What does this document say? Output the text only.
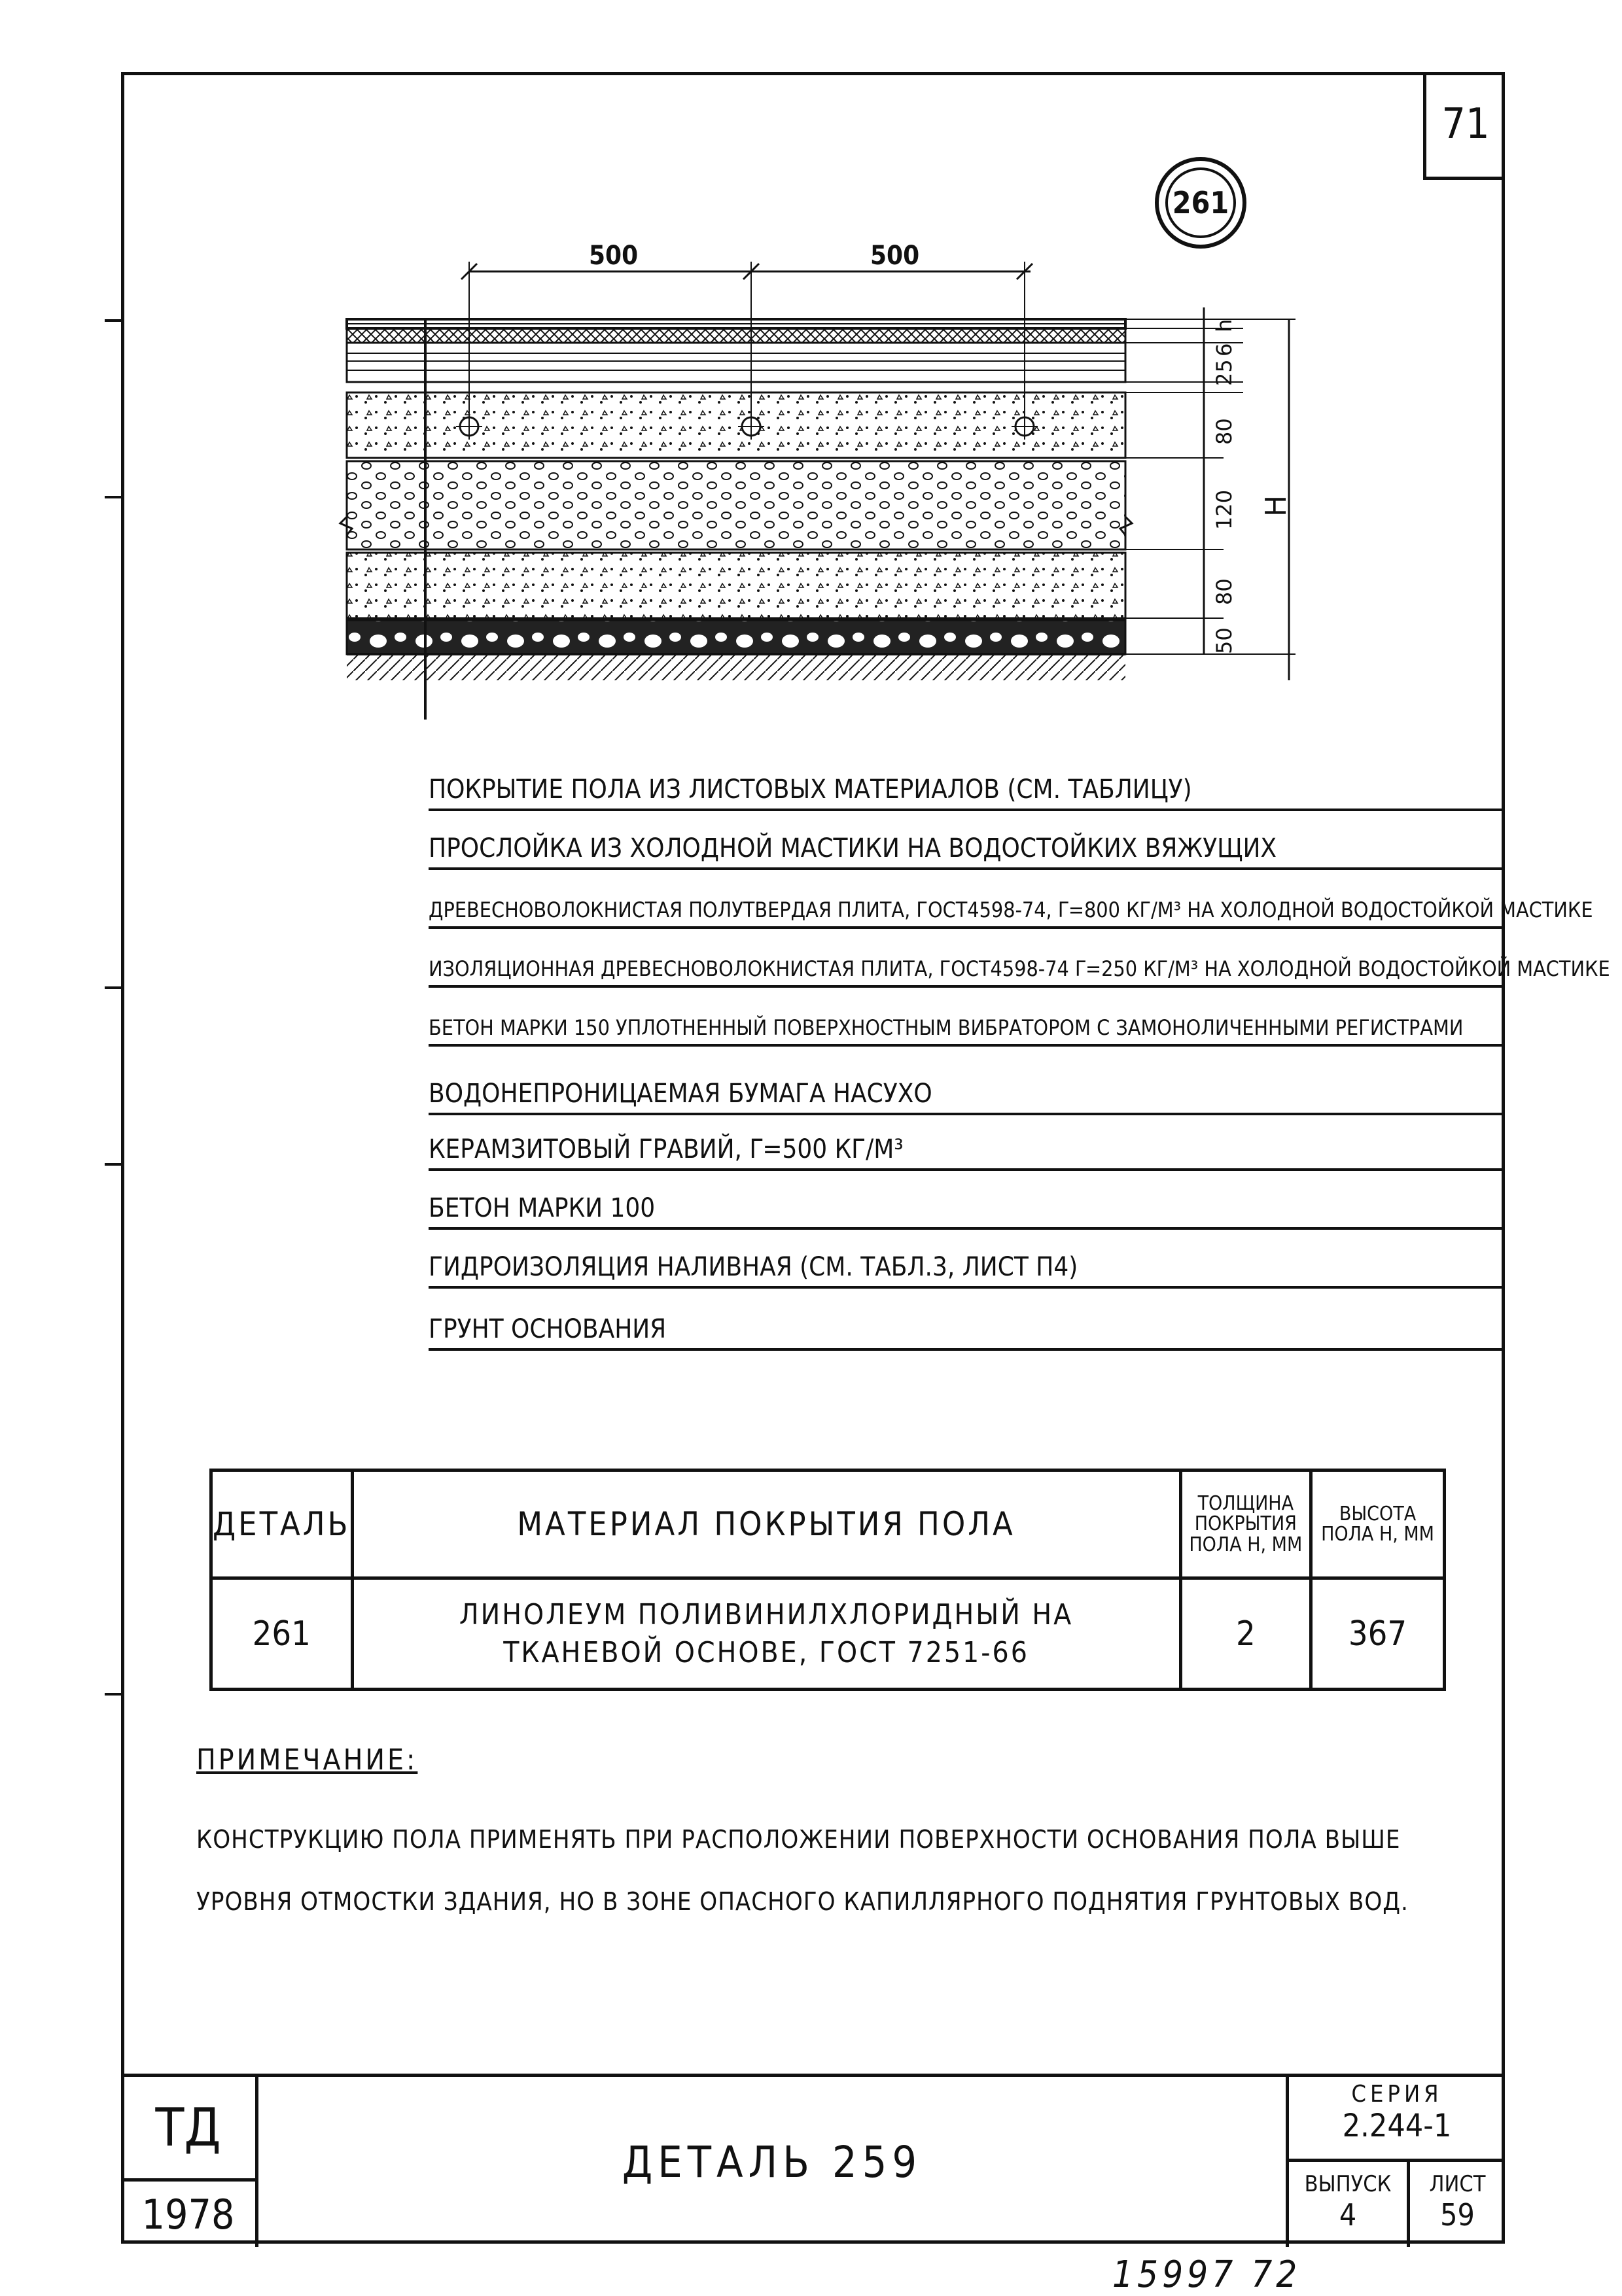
71
261
h
6
25
80
120
80
50
H
500	500
ПОКРЫТИЕ ПОЛА ИЗ ЛИСТОВЫХ МАТЕРИАЛОВ (СМ. ТАБЛИЦУ)
ПРОСЛОЙКА ИЗ ХОЛОДНОЙ МАСТИКИ НА ВОДОСТОЙКИХ ВЯЖУЩИХ
ДРЕВЕСНОВОЛОКНИСТАЯ ПОЛУТВЕРДАЯ ПЛИТА, ГОСТ4598-74, Γ=800 КГ/М³ НА ХОЛОДНОЙ ВОДОСТОЙКОЙ МАСТИКЕ
ИЗОЛЯЦИОННАЯ ДРЕВЕСНОВОЛОКНИСТАЯ ПЛИТА, ГОСТ4598-74 Γ=250 КГ/М³ НА ХОЛОДНОЙ ВОДОСТОЙКОЙ МАСТИКЕ
БЕТОН МАРКИ 150 УПЛОТНЕННЫЙ ПОВЕРХНОСТНЫМ ВИБРАТОРОМ С ЗАМОНОЛИЧЕННЫМИ РЕГИСТРАМИ
ВОДОНЕПРОНИЦАЕМАЯ БУМАГА НАСУХО
КЕРАМЗИТОВЫЙ ГРАВИЙ, Γ=500 КГ/М³
БЕТОН МАРКИ 100
ГИДРОИЗОЛЯЦИЯ НАЛИВНАЯ (СМ. ТАБЛ.3, ЛИСТ П4)
ГРУНТ ОСНОВАНИЯ
ДЕТАЛЬ	МАТЕРИАЛ ПОКРЫТИЯ ПОЛА	ТОЛЩИНА ПОКРЫТИЯ ПОЛА H, ММ	ВЫСОТА ПОЛА H, ММ
261	ЛИНОЛЕУМ ПОЛИВИНИЛХЛОРИДНЫЙ НА
ТКАНЕВОЙ ОСНОВЕ, ГОСТ 7251-66	2	367
ПРИМЕЧАНИЕ:
КОНСТРУКЦИЮ ПОЛА ПРИМЕНЯТЬ ПРИ РАСПОЛОЖЕНИИ ПОВЕРХНОСТИ ОСНОВАНИЯ ПОЛА ВЫШЕ УРОВНЯ ОТМОСТКИ ЗДАНИЯ, НО В ЗОНЕ ОПАСНОГО КАПИЛЛЯРНОГО ПОДНЯТИЯ ГРУНТОВЫХ ВОД.
ТД
1978
ДЕТАЛЬ 259
СЕРИЯ
2.244-1
ВЫПУСК
4
ЛИСТ
59
15997 72
